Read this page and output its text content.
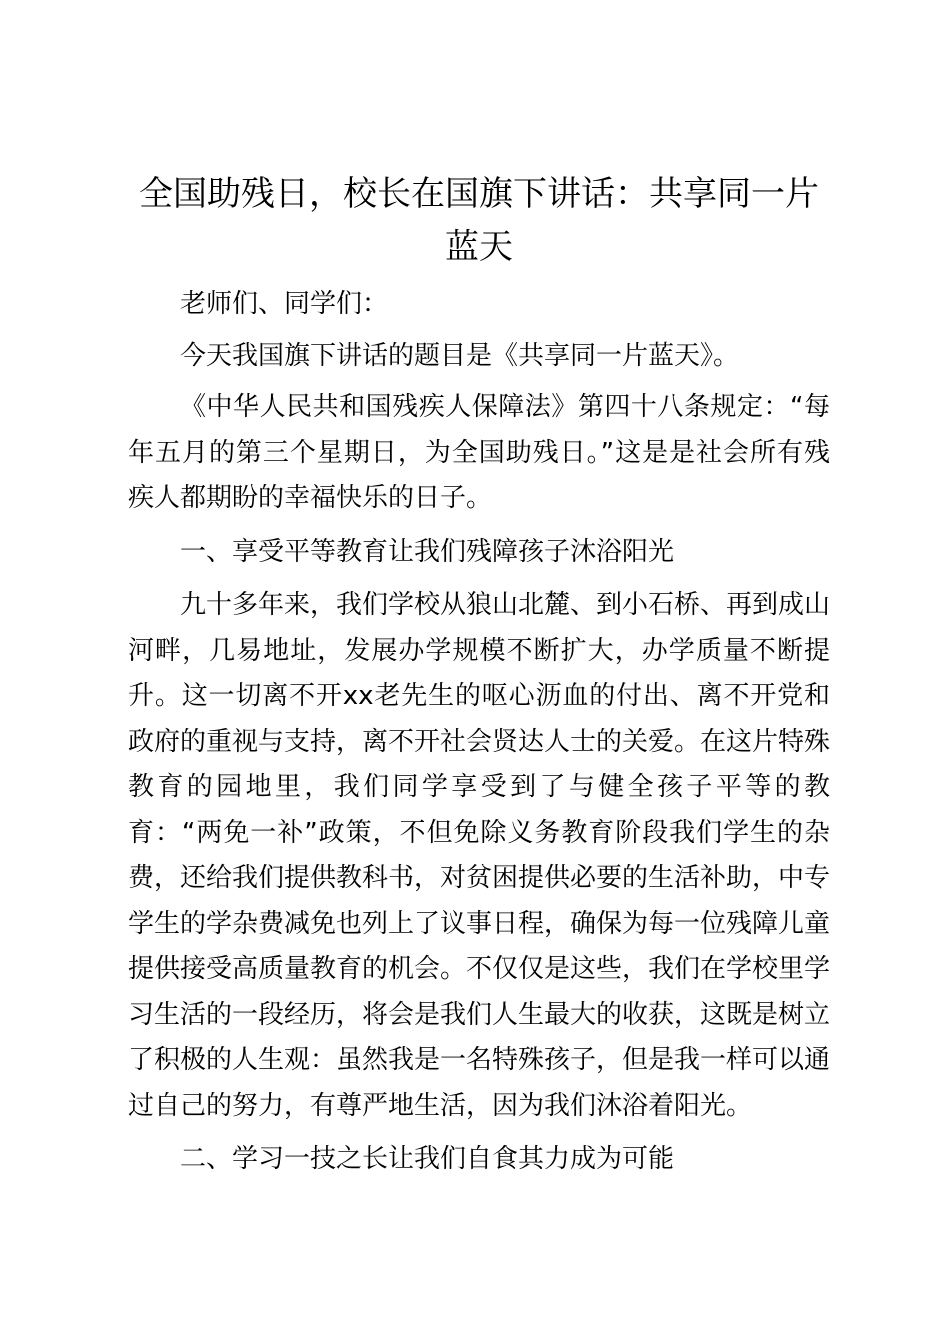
全国助残日，校长在国旗下讲话：共享同一片蓝天

老师们、同学们：

今天我国旗下讲话的题目是《共享同一片蓝天》。

《中华人民共和国残疾人保障法》第四十八条规定：“每年五月的第三个星期日，为全国助残日。”这是是社会所有残疾人都期盼的幸福快乐的日子。

一、享受平等教育让我们残障孩子沐浴阳光

九十多年来，我们学校从狼山北麓、到小石桥、再到成山河畔，几易地址，发展办学规模不断扩大，办学质量不断提升。这一切离不开xx老先生的呕心沥血的付出、离不开党和政府的重视与支持，离不开社会贤达人士的关爱。在这片特殊教育的园地里，我们同学享受到了与健全孩子平等的教育：“两免一补”政策，不但免除义务教育阶段我们学生的杂费，还给我们提供教科书，对贫困提供必要的生活补助，中专学生的学杂费减免也列上了议事日程，确保为每一位残障儿童提供接受高质量教育的机会。不仅仅是这些，我们在学校里学习生活的一段经历，将会是我们人生最大的收获，这既是树立了积极的人生观：虽然我是一名特殊孩子，但是我一样可以通过自己的努力，有尊严地生活，因为我们沐浴着阳光。

二、学习一技之长让我们自食其力成为可能
